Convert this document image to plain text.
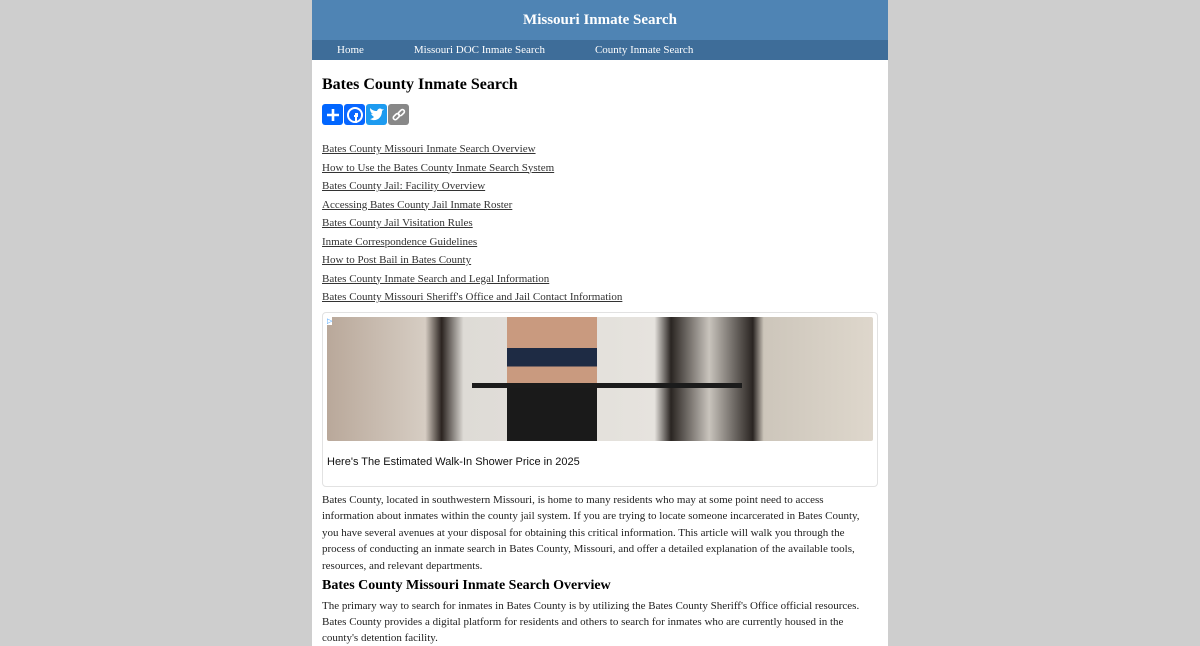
Missouri Inmate Search
Home	Missouri DOC Inmate Search	County Inmate Search
Bates County Inmate Search
Bates County Missouri Inmate Search Overview
How to Use the Bates County Inmate Search System
Bates County Jail: Facility Overview
Accessing Bates County Jail Inmate Roster
Bates County Jail Visitation Rules
Inmate Correspondence Guidelines
How to Post Bail in Bates County
Bates County Inmate Search and Legal Information
Bates County Missouri Sheriff's Office and Jail Contact Information
▷
Here's The Estimated Walk-In Shower Price in 2025

Bates County, located in southwestern Missouri, is home to many residents who may at some point need to access information about inmates within the county jail system. If you are trying to locate someone incarcerated in Bates County, you have several avenues at your disposal for obtaining this critical information. This article will walk you through the process of conducting an inmate search in Bates County, Missouri, and offer a detailed explanation of the available tools, resources, and relevant departments.

Bates County Missouri Inmate Search Overview

The primary way to search for inmates in Bates County is by utilizing the Bates County Sheriff's Office official resources. Bates County provides a digital platform for residents and others to search for inmates who are currently housed in the county's detention facility.
